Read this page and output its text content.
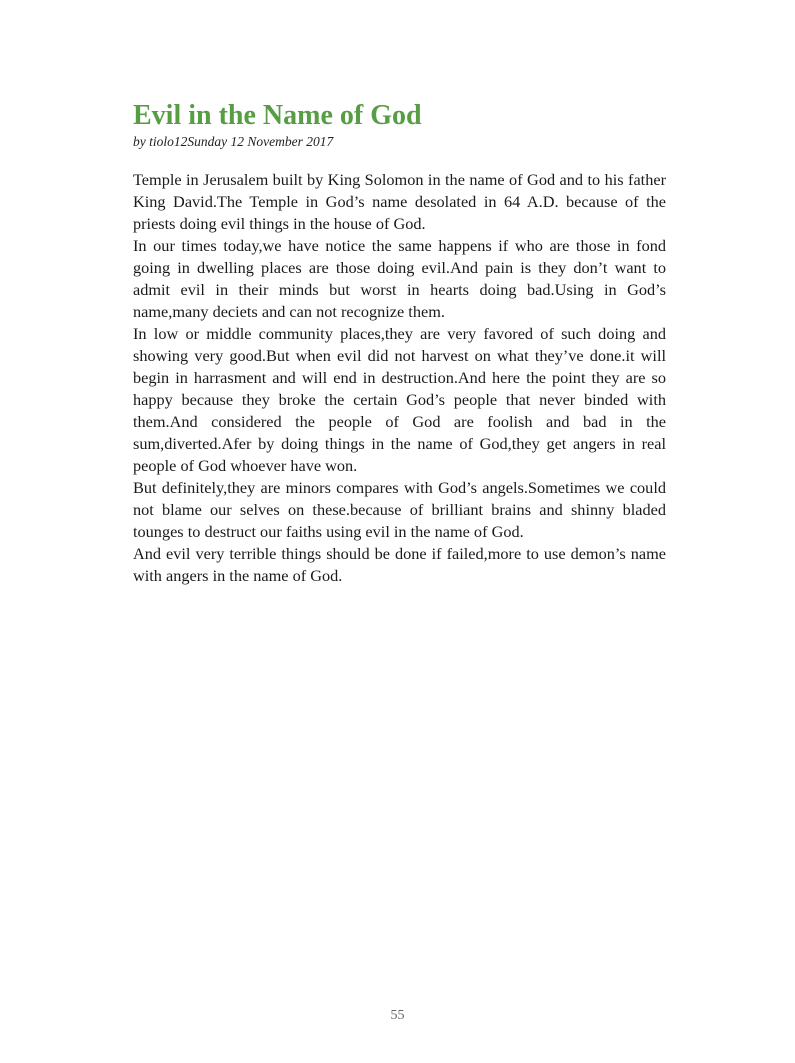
Evil in the Name of God

by tiolo12Sunday 12 November 2017

Temple in Jerusalem built by King Solomon in the name of God and to his father King David.The Temple in God’s name desolated in 64 A.D. because of the priests doing evil things in the house of God.

In our times today,we have notice the same happens if who are those in fond going in dwelling places are those doing evil.And pain is they don’t want to admit evil in their minds but worst in hearts doing bad.Using in God’s name,many deciets and can not recognize them.

In low or middle community places,they are very favored of such doing and showing very good.But when evil did not harvest on what they’ve done.it will begin in harrasment and will end in destruction.And here the point they are so happy because they broke the certain God’s people that never binded with them.And considered the people of God are foolish and bad in the sum,diverted.Afer by doing things in the name of God,they get angers in real people of God whoever have won.

But definitely,they are minors compares with God’s angels.Sometimes we could not blame our selves on these.because of brilliant brains and shinny bladed tounges to destruct our faiths using evil in the name of God.

And evil very terrible things should be done if failed,more to use demon’s name with angers in the name of God.

55
